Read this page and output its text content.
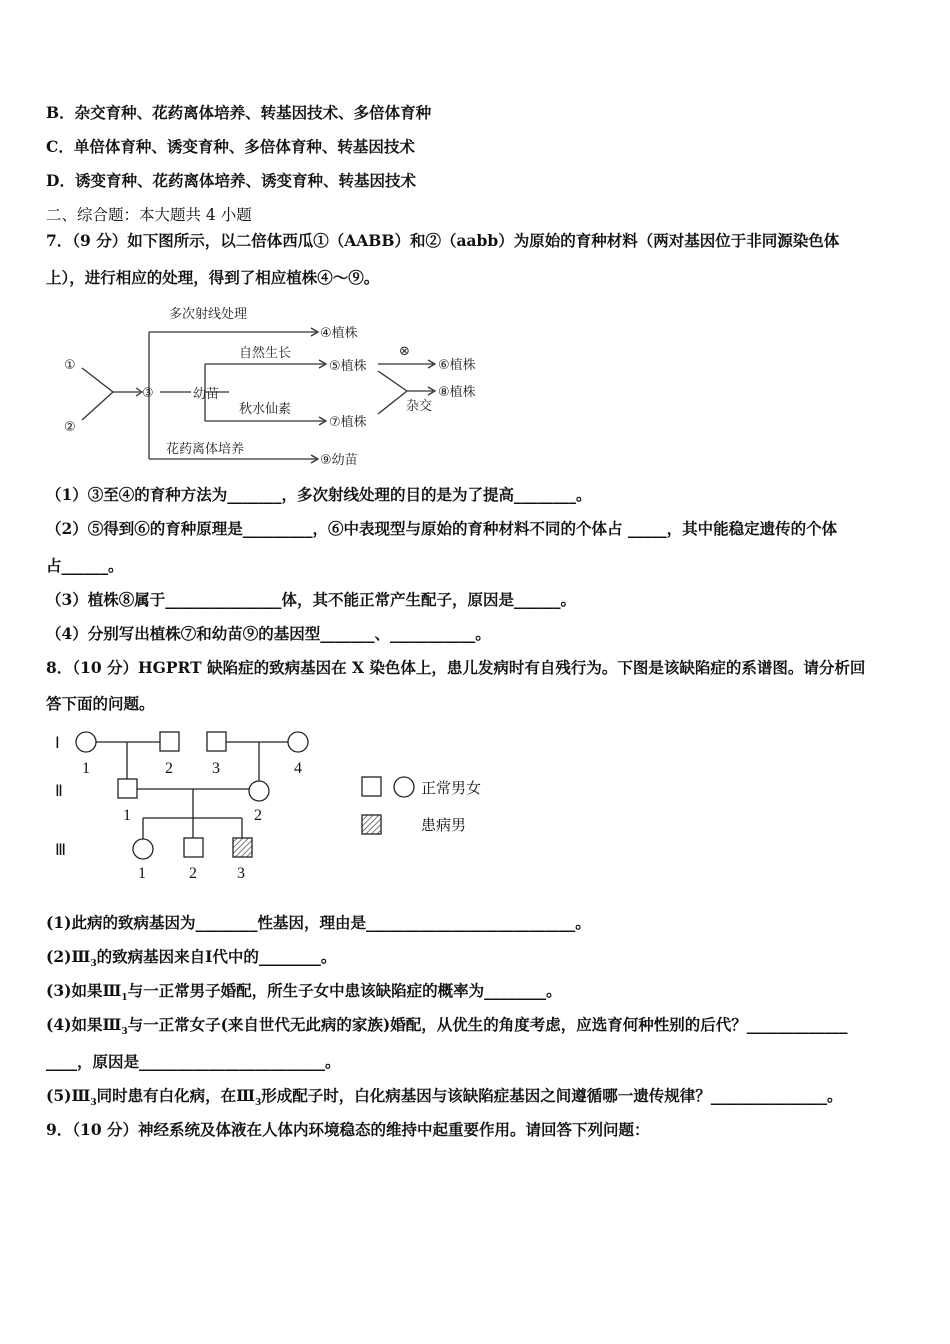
B．杂交育种、花药离体培养、转基因技术、多倍体育种
C．单倍体育种、诱变育种、多倍体育种、转基因技术
D．诱变育种、花药离体培养、诱变育种、转基因技术
二、综合题：本大题共 4 小题
7．（9 分）如下图所示，以二倍体西瓜①（AABB）和②（aabb）为原始的育种材料（两对基因位于非同源染色体
上），进行相应的处理，得到了相应植株④～⑨。
①
②
③	幼苗
多次射线处理
④植株
自然生长
⑤植株
⊗
⑥植株
秋水仙素
⑦植株
杂交
⑧植株
花药离体培养
⑨幼苗
（1）③至④的育种方法为_______，多次射线处理的目的是为了提高________。
（2）⑤得到⑥的育种原理是_________，⑥中表现型与原始的育种材料不同的个体占 _____，其中能稳定遗传的个体
占______。
（3）植株⑧属于_______________体，其不能正常产生配子，原因是______。
（4）分别写出植株⑦和幼苗⑨的基因型_______、___________。
8．（10 分）HGPRT 缺陷症的致病基因在 X 染色体上，患儿发病时有自残行为。下图是该缺陷症的系谱图。请分析回
答下面的问题。
Ⅰ
Ⅱ
Ⅲ
1	2 3	4
1	2
1	2	3
正常男女
患病男
(1)此病的致病基因为________性基因，理由是___________________________。
$(2)Ⅲ_3$的致病基因来自Ⅰ代中的________。
(3)如果$Ⅲ_1$与一正常男子婚配，所生子女中患该缺陷症的概率为________。
(4)如果$Ⅲ_3$与一正常女子(来自世代无此病的家族)婚配，从优生的角度考虑，应选育何种性别的后代？_____________
____，原因是________________________。
$(5)Ⅲ_3$同时患有白化病，在$Ⅲ_3$形成配子时，白化病基因与该缺陷症基因之间遵循哪一遗传规律？_______________。
9．（10 分）神经系统及体液在人体内环境稳态的维持中起重要作用。请回答下列问题：
